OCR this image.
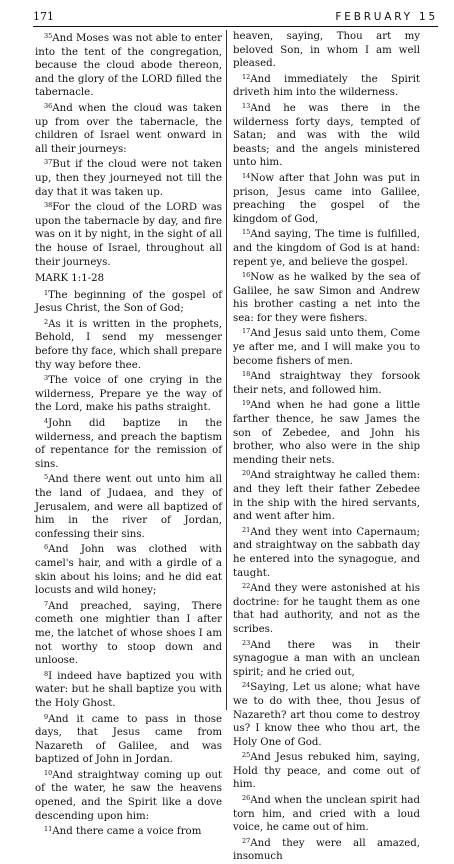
171	FEBRUARY 15

$^{35}$And Moses was not able to enter into the tent of the congregation, because the cloud abode thereon, and the glory of the LORD filled the tabernacle.

$^{36}$And when the cloud was taken up from over the tabernacle, the children of Israel went onward in all their journeys:

$^{37}$But if the cloud were not taken up, then they journeyed not till the day that it was taken up.

$^{38}$For the cloud of the LORD was upon the tabernacle by day, and fire was on it by night, in the sight of all the house of Israel, throughout all their journeys.

MARK 1:1-28

$^1$The beginning of the gospel of Jesus Christ, the Son of God;

$^2$As it is written in the prophets, Behold, I send my messenger before thy face, which shall prepare thy way before thee.

$^3$The voice of one crying in the wilderness, Prepare ye the way of the Lord, make his paths straight.

$^4$John did baptize in the wilderness, and preach the baptism of repentance for the remission of sins.

$^5$And there went out unto him all the land of Judaea, and they of Jerusalem, and were all baptized of him in the river of Jordan, confessing their sins.

$^6$And John was clothed with camel's hair, and with a girdle of a skin about his loins; and he did eat locusts and wild honey;

$^7$And preached, saying, There cometh one mightier than I after me, the latchet of whose shoes I am not worthy to stoop down and unloose.

$^8$I indeed have baptized you with water: but he shall baptize you with the Holy Ghost.

$^9$And it came to pass in those days, that Jesus came from Nazareth of Galilee, and was baptized of John in Jordan.

$^{10}$And straightway coming up out of the water, he saw the heavens opened, and the Spirit like a dove descending upon him:

$^{11}$And there came a voice from

heaven, saying, Thou art my beloved Son, in whom I am well pleased.

$^{12}$And immediately the Spirit driveth him into the wilderness.

$^{13}$And he was there in the wilderness forty days, tempted of Satan; and was with the wild beasts; and the angels ministered unto him.

$^{14}$Now after that John was put in prison, Jesus came into Galilee, preaching the gospel of the kingdom of God,

$^{15}$And saying, The time is fulfilled, and the kingdom of God is at hand: repent ye, and believe the gospel.

$^{16}$Now as he walked by the sea of Galilee, he saw Simon and Andrew his brother casting a net into the sea: for they were fishers.

$^{17}$And Jesus said unto them, Come ye after me, and I will make you to become fishers of men.

$^{18}$And straightway they forsook their nets, and followed him.

$^{19}$And when he had gone a little farther thence, he saw James the son of Zebedee, and John his brother, who also were in the ship mending their nets.

$^{20}$And straightway he called them: and they left their father Zebedee in the ship with the hired servants, and went after him.

$^{21}$And they went into Capernaum; and straightway on the sabbath day he entered into the synagogue, and taught.

$^{22}$And they were astonished at his doctrine: for he taught them as one that had authority, and not as the scribes.

$^{23}$And there was in their synagogue a man with an unclean spirit; and he cried out,

$^{24}$Saying, Let us alone; what have we to do with thee, thou Jesus of Nazareth? art thou come to destroy us? I know thee who thou art, the Holy One of God.

$^{25}$And Jesus rebuked him, saying, Hold thy peace, and come out of him.

$^{26}$And when the unclean spirit had torn him, and cried with a loud voice, he came out of him.

$^{27}$And they were all amazed, insomuch
